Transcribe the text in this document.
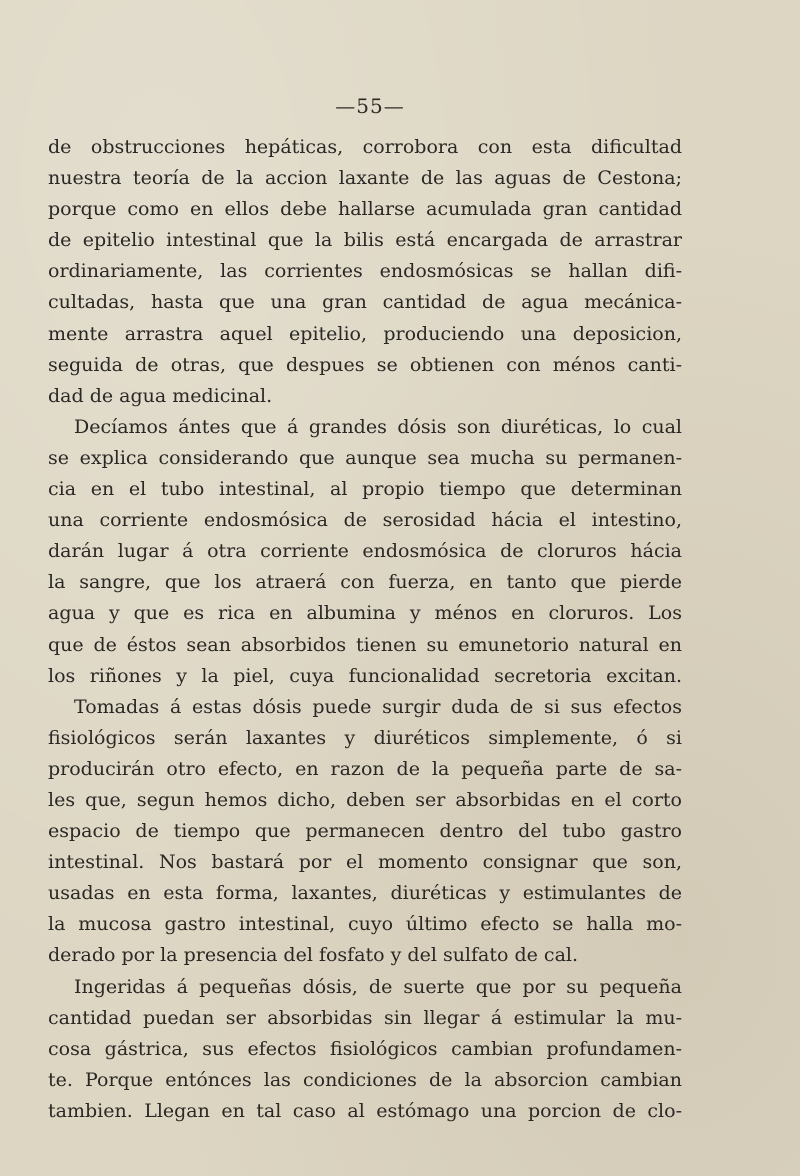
—55—
de obstrucciones hepáticas, corrobora con esta dificultad
nuestra teoría de la accion laxante de las aguas de Cestona;
porque como en ellos debe hallarse acumulada gran cantidad
de epitelio intestinal que la bilis está encargada de arrastrar
ordinariamente, las corrientes endosmósicas se hallan difi-
cultadas, hasta que una gran cantidad de agua mecánica-
mente arrastra aquel epitelio, produciendo una deposicion,
seguida de otras, que despues se obtienen con ménos canti-
dad de agua medicinal.
Decíamos ántes que á grandes dósis son diuréticas, lo cual
se explica considerando que aunque sea mucha su permanen-
cia en el tubo intestinal, al propio tiempo que determinan
una corriente endosmósica de serosidad hácia el intestino,
darán lugar á otra corriente endosmósica de cloruros hácia
la sangre, que los atraerá con fuerza, en tanto que pierde
agua y que es rica en albumina y ménos en cloruros. Los
que de éstos sean absorbidos tienen su emunetorio natural en
los riñones y la piel, cuya funcionalidad secretoria excitan.
Tomadas á estas dósis puede surgir duda de si sus efectos
fisiológicos serán laxantes y diuréticos simplemente, ó si
producirán otro efecto, en razon de la pequeña parte de sa-
les que, segun hemos dicho, deben ser absorbidas en el corto
espacio de tiempo que permanecen dentro del tubo gastro
intestinal. Nos bastará por el momento consignar que son,
usadas en esta forma, laxantes, diuréticas y estimulantes de
la mucosa gastro intestinal, cuyo último efecto se halla mo-
derado por la presencia del fosfato y del sulfato de cal.
Ingeridas á pequeñas dósis, de suerte que por su pequeña
cantidad puedan ser absorbidas sin llegar á estimular la mu-
cosa gástrica, sus efectos fisiológicos cambian profundamen-
te. Porque entónces las condiciones de la absorcion cambian
tambien. Llegan en tal caso al estómago una porcion de clo-
